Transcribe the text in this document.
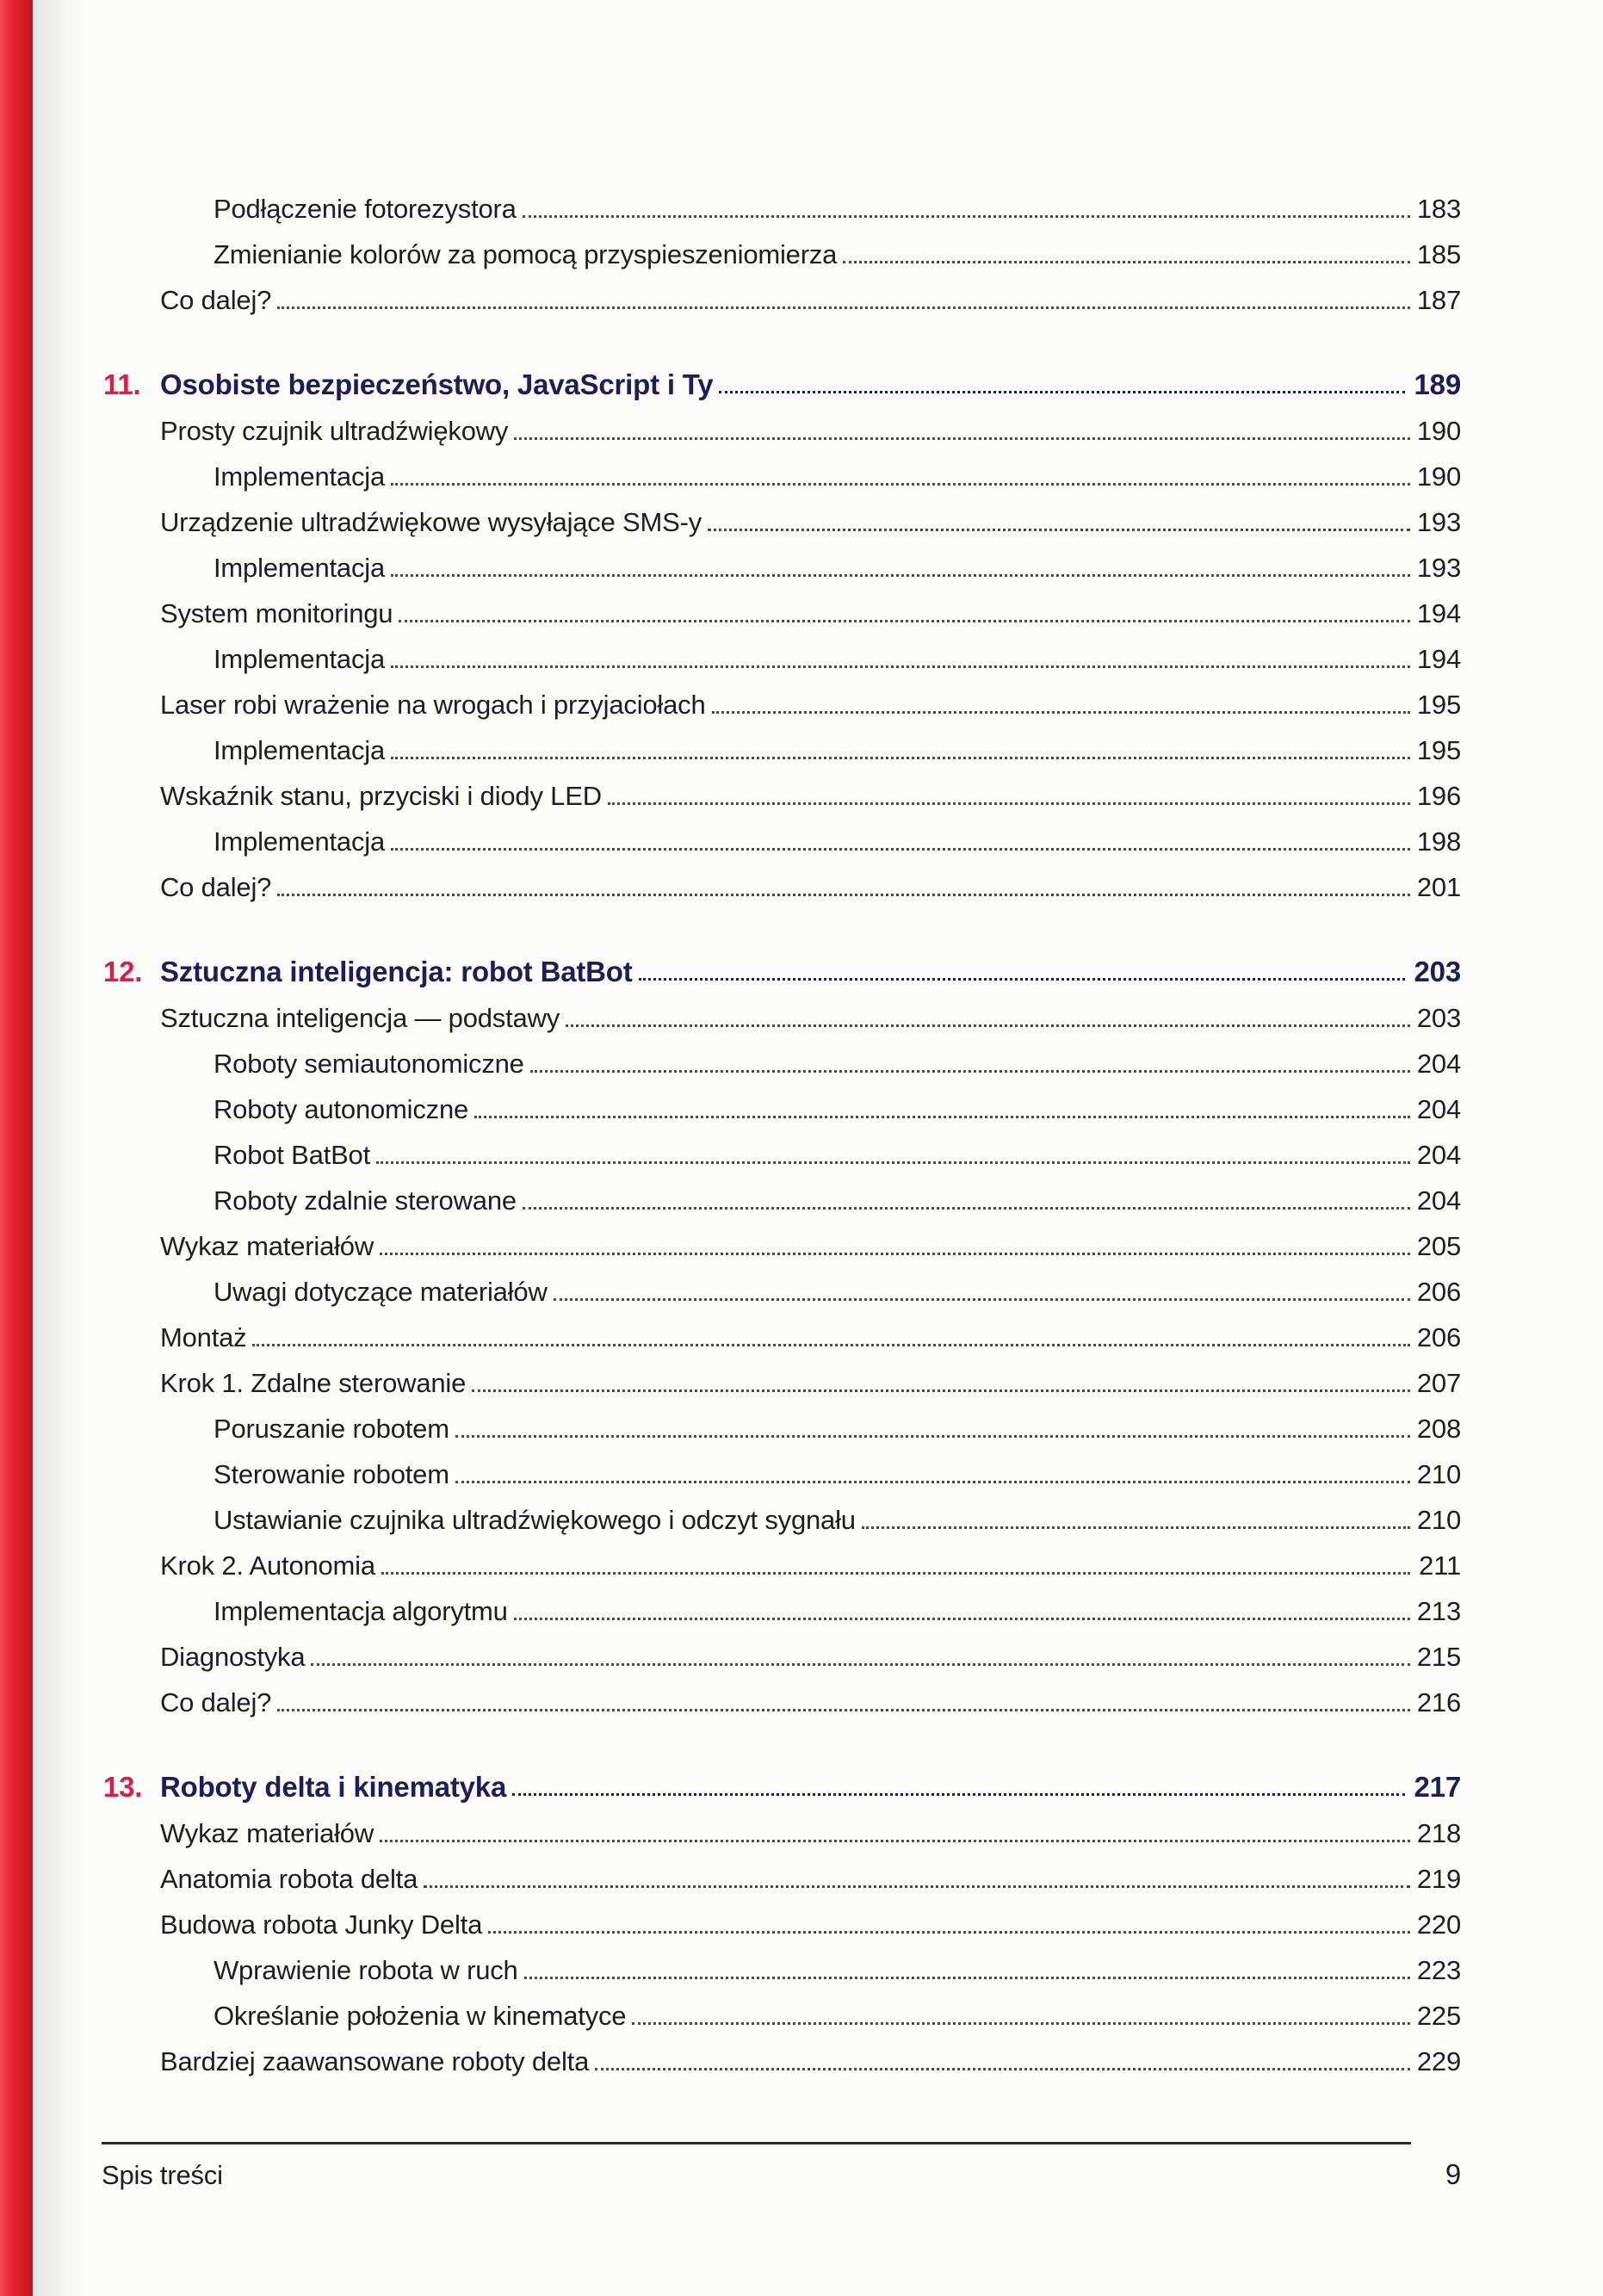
Podłączenie fotorezystora	183
Zmienianie kolorów za pomocą przyspieszeniomierza	185
Co dalej?	187
11. Osobiste bezpieczeństwo, JavaScript i Ty	189
Prosty czujnik ultradźwiękowy	190
Implementacja	190
Urządzenie ultradźwiękowe wysyłające SMS-y	193
Implementacja	193
System monitoringu	194
Implementacja	194
Laser robi wrażenie na wrogach i przyjaciołach	195
Implementacja	195
Wskaźnik stanu, przyciski i diody LED	196
Implementacja	198
Co dalej?	201
12. Sztuczna inteligencja: robot BatBot	203
Sztuczna inteligencja — podstawy	203
Roboty semiautonomiczne	204
Roboty autonomiczne	204
Robot BatBot	204
Roboty zdalnie sterowane	204
Wykaz materiałów	205
Uwagi dotyczące materiałów	206
Montaż	206
Krok 1. Zdalne sterowanie	207
Poruszanie robotem	208
Sterowanie robotem	210
Ustawianie czujnika ultradźwiękowego i odczyt sygnału	210
Krok 2. Autonomia	211
Implementacja algorytmu	213
Diagnostyka	215
Co dalej?	216
13. Roboty delta i kinematyka	217
Wykaz materiałów	218
Anatomia robota delta	219
Budowa robota Junky Delta	220
Wprawienie robota w ruch	223
Określanie położenia w kinematyce	225
Bardziej zaawansowane roboty delta	229
Spis treści	9
